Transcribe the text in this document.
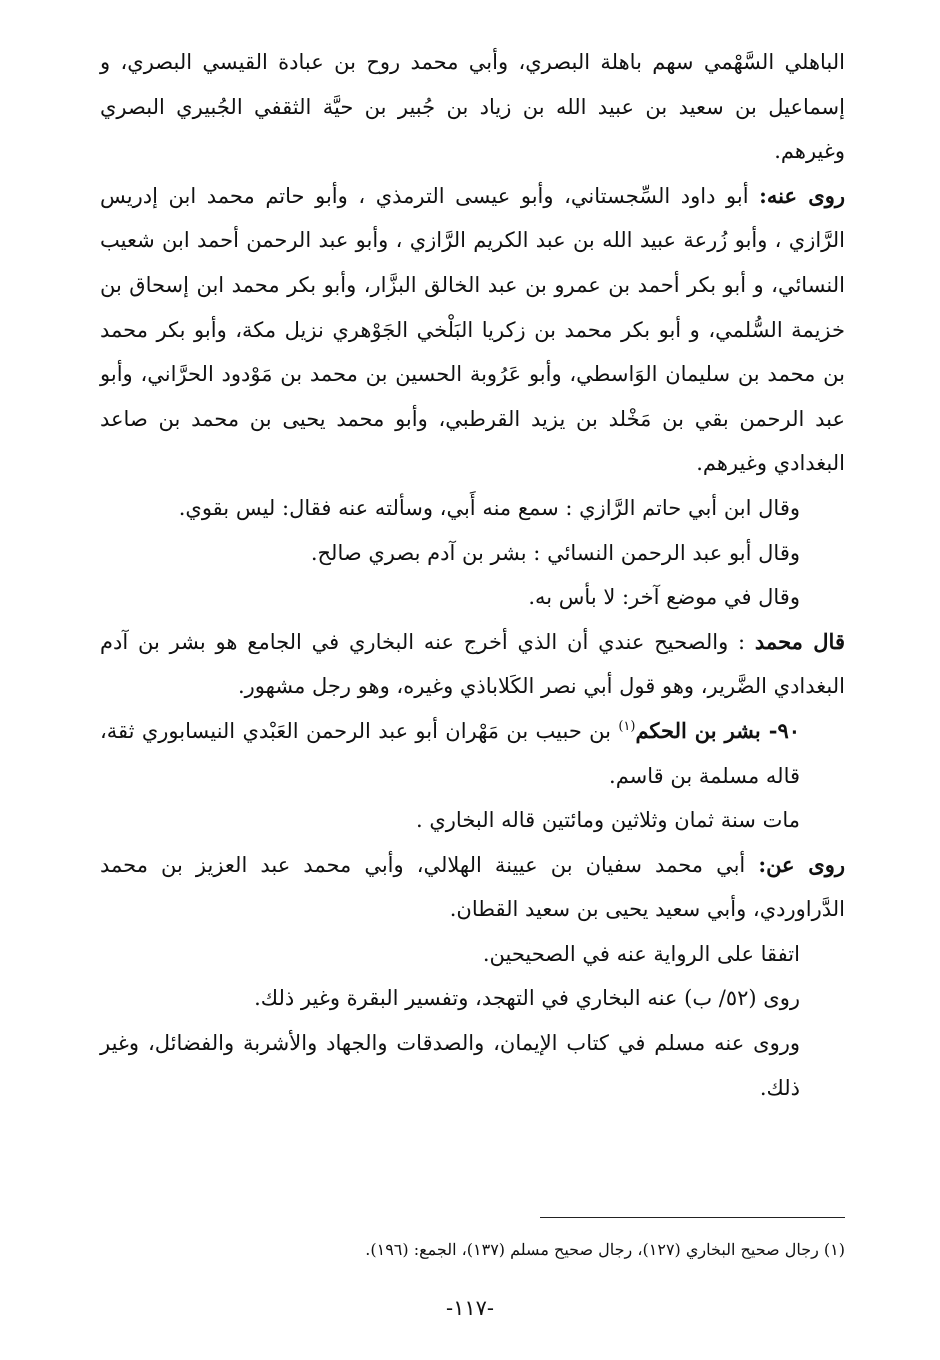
الباهلي السَّهْمي سهم باهلة البصري، وأبي محمد روح بن عبادة القيسي البصري، و إسماعيل بن سعيد بن عبيد الله بن زياد بن جُبير بن حيَّة الثقفي الجُبيري البصري وغيرهم.

روى عنه: أبو داود السِّجستاني، وأبو عيسى الترمذي ، وأبو حاتم محمد ابن إدريس الرَّازي ، وأبو زُرعة عبيد الله بن عبد الكريم الرَّازي ، وأبو عبد الرحمن أحمد ابن شعيب النسائي، و أبو بكر أحمد بن عمرو بن عبد الخالق البزَّار، وأبو بكر محمد ابن إسحاق بن خزيمة السُّلمي، و أبو بكر محمد بن زكريا البَلْخي الجَوْهري نزيل مكة، وأبو بكر محمد بن محمد بن سليمان الوَاسطي، وأبو عَرُوبة الحسين بن محمد بن مَوْدود الحرَّاني، وأبو عبد الرحمن بقي بن مَخْلد بن يزيد القرطبي، وأبو محمد يحيى بن محمد بن صاعد البغدادي وغيرهم.

وقال ابن أبي حاتم الرَّازي : سمع منه أَبي، وسألته عنه فقال: ليس بقوي.

وقال أبو عبد الرحمن النسائي : بشر بن آدم بصري صالح.

وقال في موضع آخر: لا بأس به.

قال محمد : والصحيح عندي أن الذي أخرج عنه البخاري في الجامع هو بشر بن آدم البغدادي الضَّرير، وهو قول أبي نصر الكَلاباذي وغيره، وهو رجل مشهور.

٩٠- بشر بن الحكم$^{(١)}$ بن حبيب بن مَهْران أبو عبد الرحمن العَبْدي النيسابوري ثقة، قاله مسلمة بن قاسم.

مات سنة ثمان وثلاثين ومائتين قاله البخاري .

روى عن: أبي محمد سفيان بن عيينة الهلالي، وأبي محمد عبد العزيز بن محمد الدَّراوردي، وأبي سعيد يحيى بن سعيد القطان.

اتفقا على الرواية عنه في الصحيحين.

روى (٥٢/ ب) عنه البخاري في التهجد، وتفسير البقرة وغير ذلك.

وروى عنه مسلم في كتاب الإيمان، والصدقات والجهاد والأشربة والفضائل، وغير ذلك.

(١) رجال صحيح البخاري (١٢٧)، رجال صحيح مسلم (١٣٧)، الجمع: (١٩٦).
-١١٧-
